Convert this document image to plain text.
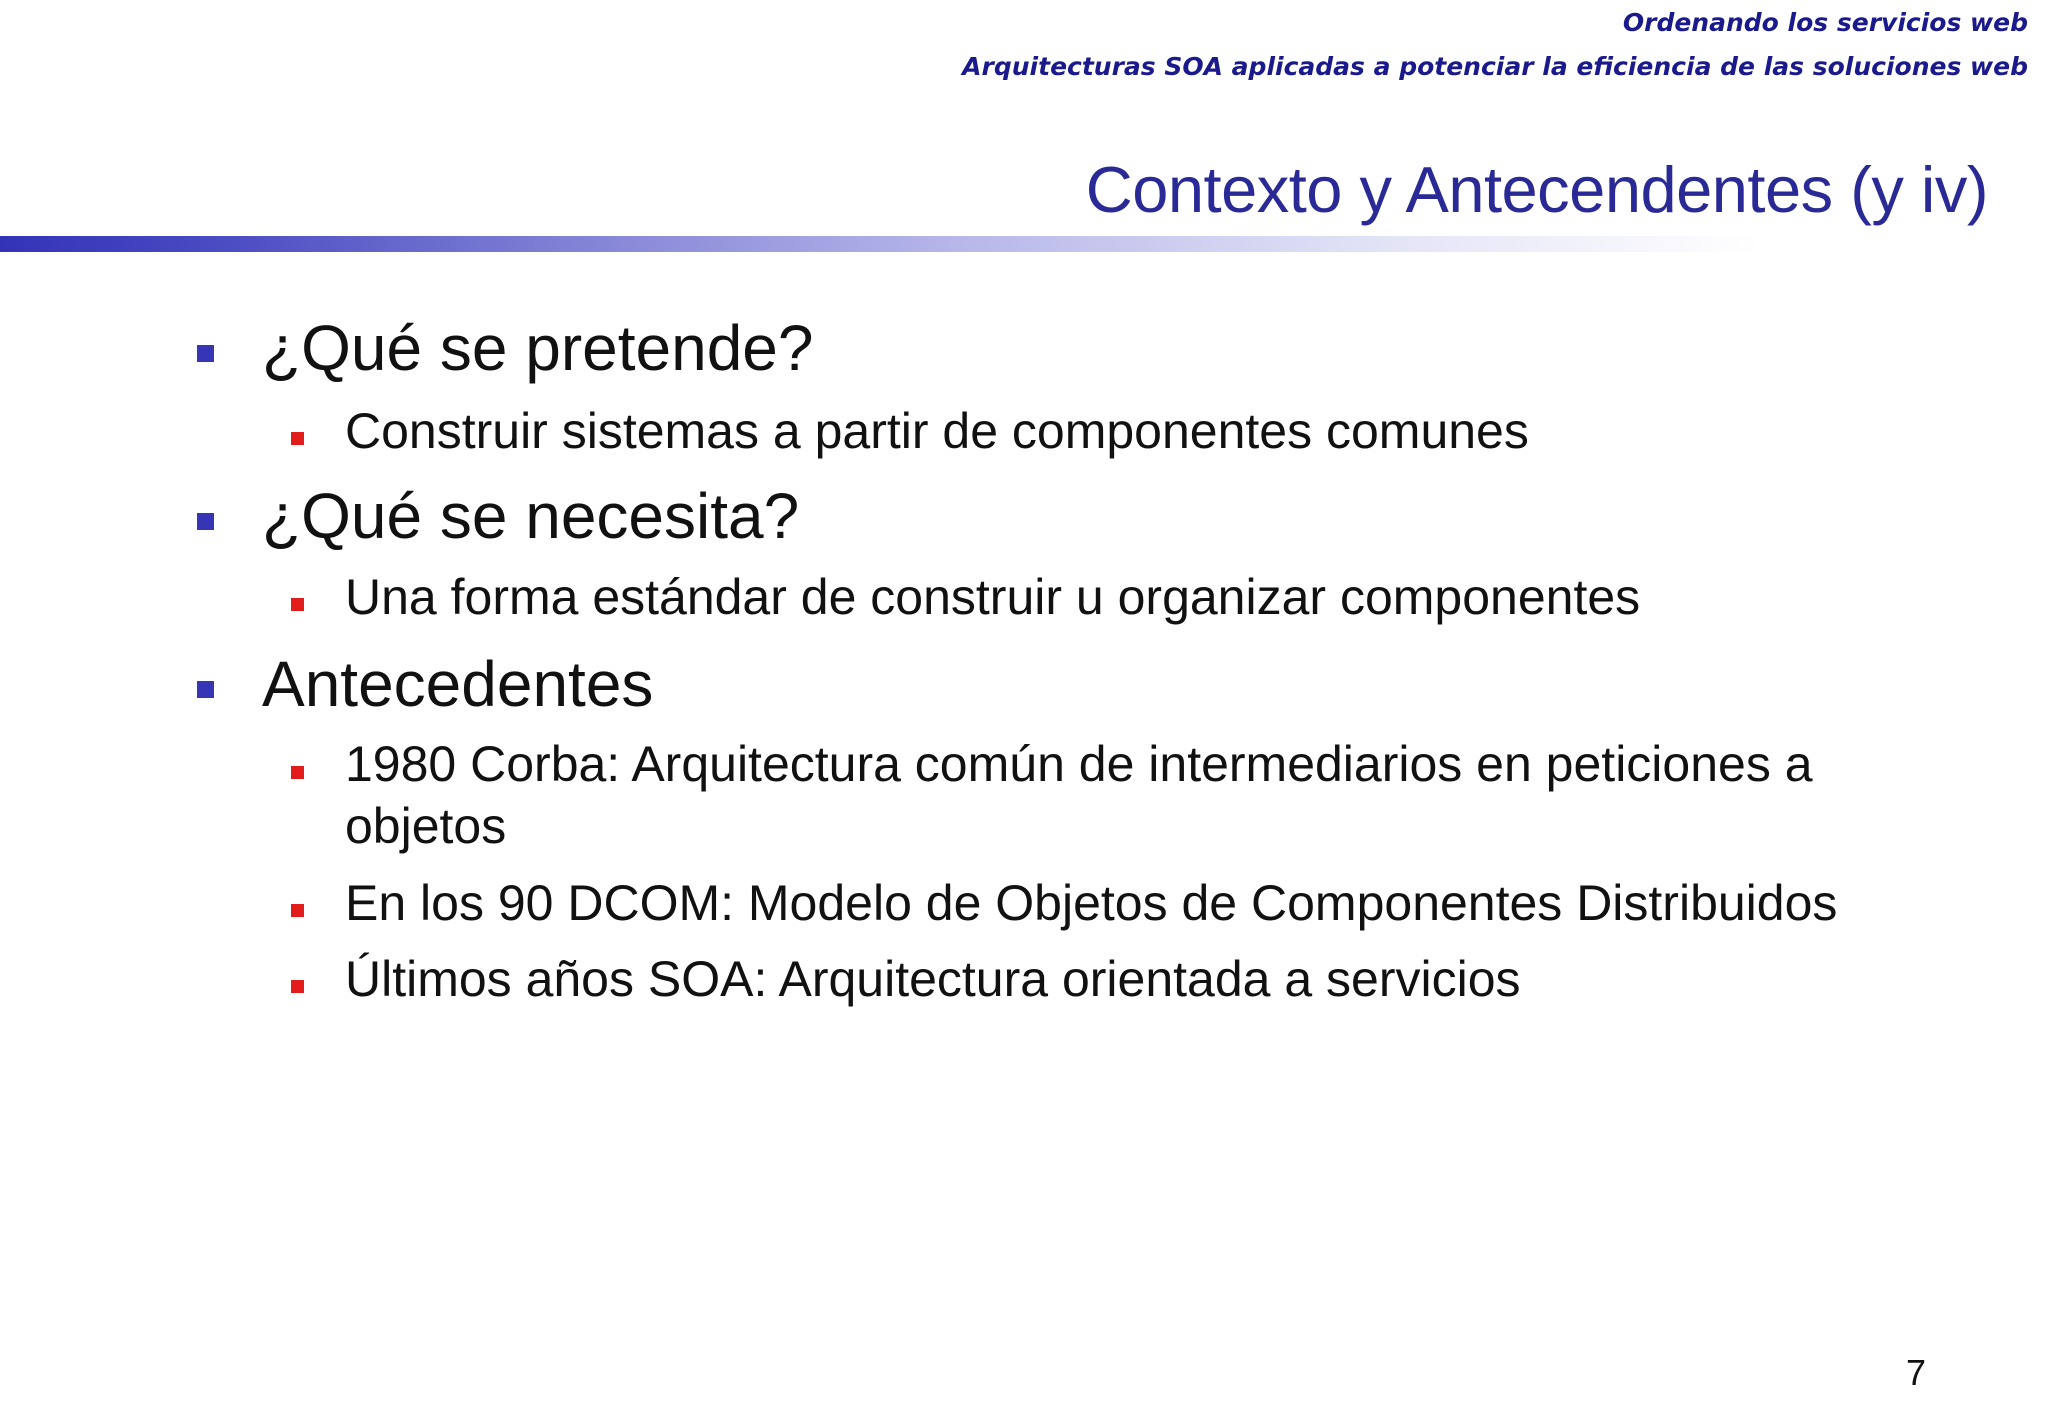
Ordenando los servicios web
Arquitecturas SOA aplicadas a potenciar la eficiencia de las soluciones web
Contexto y Antecendentes (y iv)
¿Qué se pretende?
Construir sistemas a partir de componentes comunes
¿Qué se necesita?
Una forma estándar de construir u organizar componentes
Antecedentes
1980 Corba: Arquitectura común de intermediarios en peticiones a
objetos
En los 90 DCOM: Modelo de Objetos de Componentes Distribuidos
Últimos años SOA: Arquitectura orientada a servicios
7
